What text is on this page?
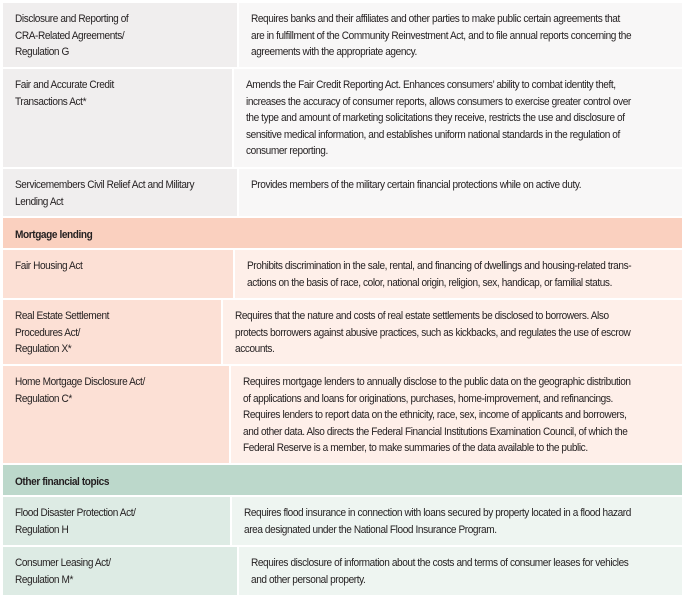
Disclosure and Reporting of
CRA-Related Agreements/
Regulation G
Requires banks and their affiliates and other parties to make public certain agreements that
are in fulfillment of the Community Reinvestment Act, and to file annual reports concerning the
agreements with the appropriate agency.
Fair and Accurate Credit
Transactions Act*
Amends the Fair Credit Reporting Act. Enhances consumers’ ability to combat identity theft,
increases the accuracy of consumer reports, allows consumers to exercise greater control over
the type and amount of marketing solicitations they receive, restricts the use and disclosure of
sensitive medical information, and establishes uniform national standards in the regulation of
consumer reporting.
Servicemembers Civil Relief Act and Military
Lending Act
Provides members of the military certain financial protections while on active duty.
Mortgage lending
Fair Housing Act	Prohibits discrimination in the sale, rental, and financing of dwellings and housing-related trans-
actions on the basis of race, color, national origin, religion, sex, handicap, or familial status.
Real Estate Settlement
Procedures Act/
Regulation X*
Requires that the nature and costs of real estate settlements be disclosed to borrowers. Also
protects borrowers against abusive practices, such as kickbacks, and regulates the use of escrow
accounts.
Home Mortgage Disclosure Act/
Regulation C*
Requires mortgage lenders to annually disclose to the public data on the geographic distribution
of applications and loans for originations, purchases, home-improvement, and refinancings.
Requires lenders to report data on the ethnicity, race, sex, income of applicants and borrowers,
and other data. Also directs the Federal Financial Institutions Examination Council, of which the
Federal Reserve is a member, to make summaries of the data available to the public.
Other financial topics
Flood Disaster Protection Act/
Regulation H
Requires flood insurance in connection with loans secured by property located in a flood hazard
area designated under the National Flood Insurance Program.
Consumer Leasing Act/
Regulation M*
Requires disclosure of information about the costs and terms of consumer leases for vehicles
and other personal property.
